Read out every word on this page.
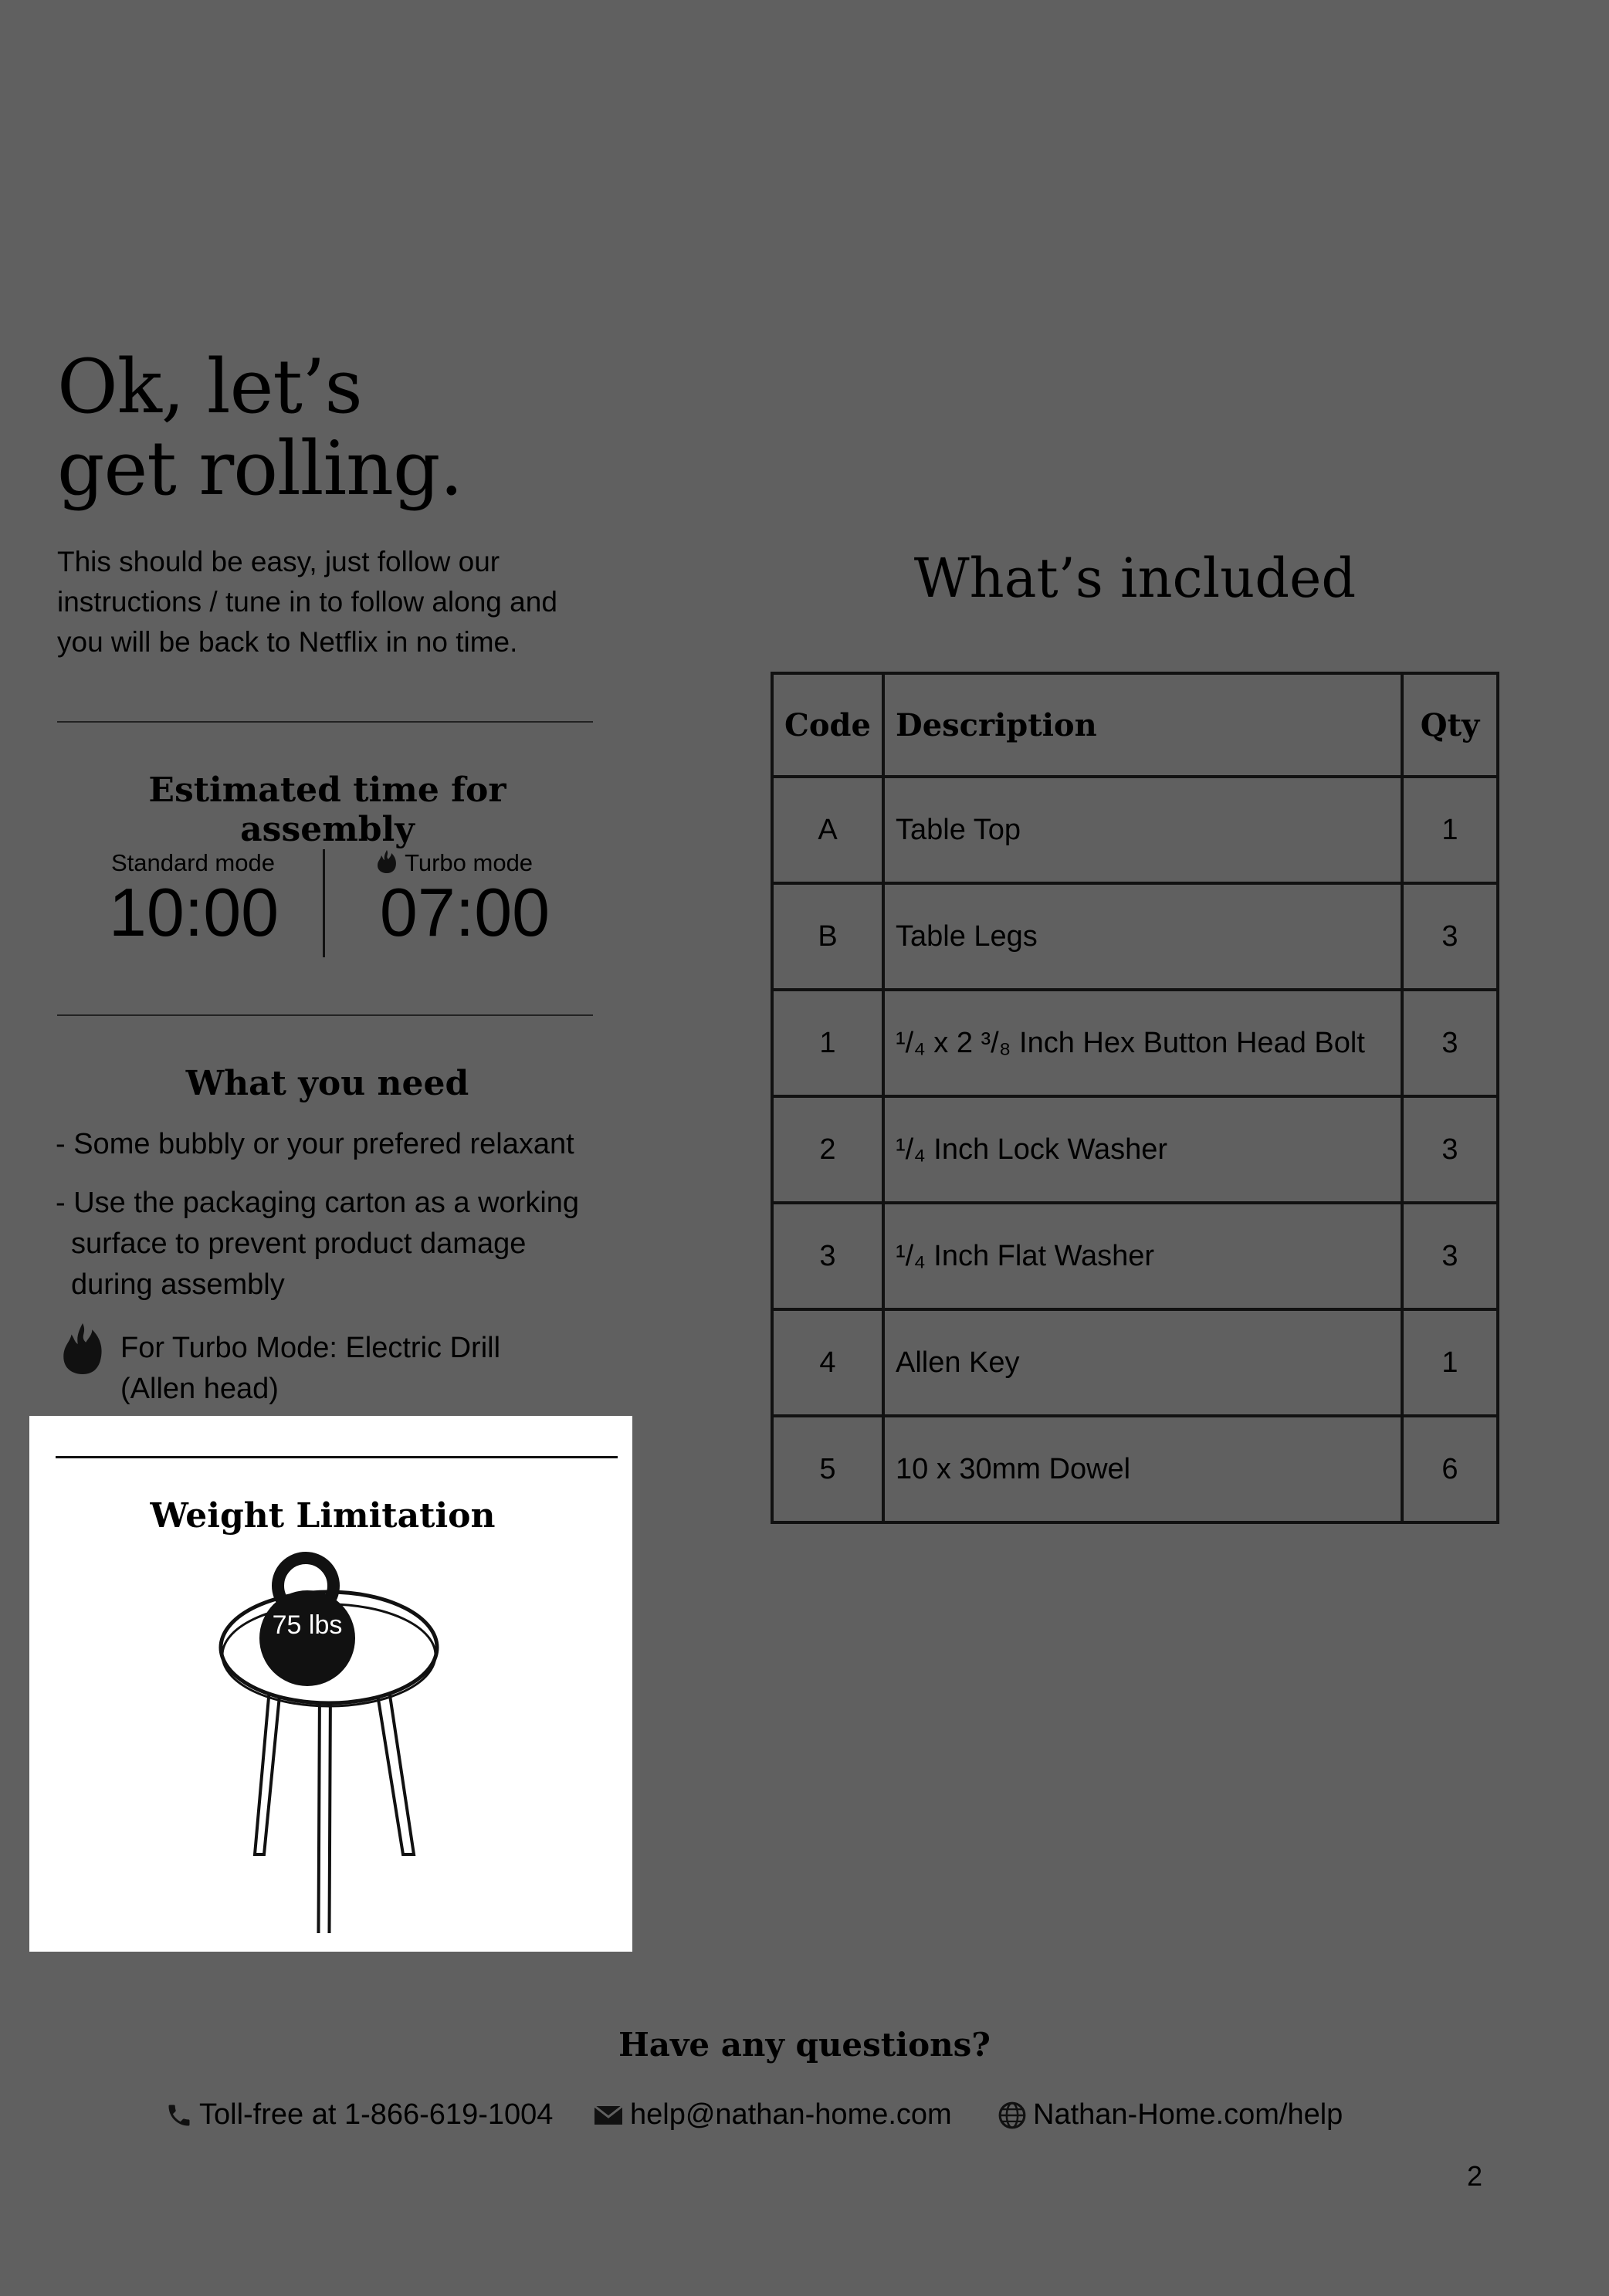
Ok, let’s
get rolling.

This should be easy, just follow our instructions / tune in to follow along and you will be back to Netflix in no time.

Estimated time for assembly
Standard mode
10:00
Turbo mode
07:00
What you need
- Some bubbly or your prefered relaxant
- Use the packaging carton as a working surface to prevent product damage during assembly
For Turbo Mode: Electric Drill (Allen head)
Weight Limitation
75 lbs
What’s included
Code	Description	Qty
A	Table Top	1
B	Table Legs	3
1	¹/₄ x 2 ³/₈ Inch Hex Button Head Bolt	3
2	¹/₄ Inch Lock Washer	3
3	¹/₄ Inch Flat Washer	3
4	Allen Key	1
5	10 x 30mm Dowel	6
Have any questions?
Toll-free at 1-866-619-1004	help@nathan-home.com	Nathan-Home.com/help
2
